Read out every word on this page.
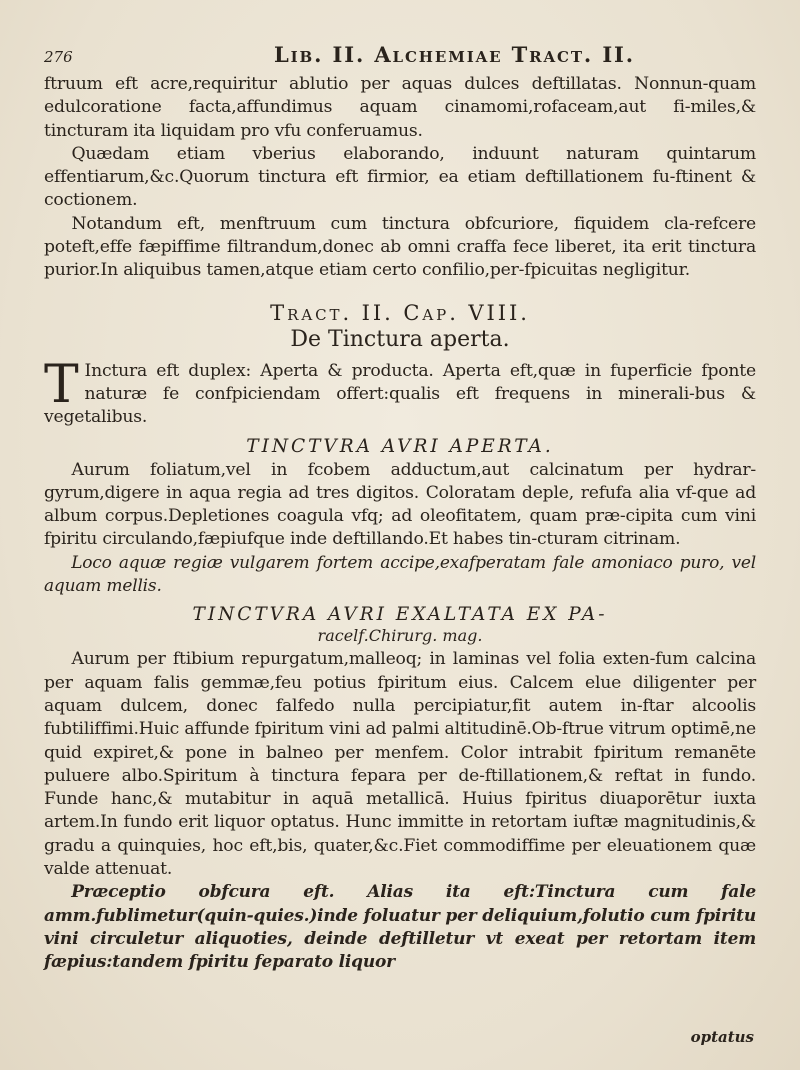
276	Lib. II. Alchemiae Tract. II.

ftruum eft acre,requiritur ablutio per aquas dulces deftillatas. Nonnun-quam edulcoratione facta,affundimus aquam cinamomi,rofaceam,aut fi-miles,& tincturam ita liquidam pro vfu conferuamus.

Quædam etiam vberius elaborando, induunt naturam quintarum effentiarum,&c.Quorum tinctura eft firmior, ea etiam deftillationem fu-ftinent & coctionem.

Notandum eft, menftruum cum tinctura obfcuriore, fiquidem cla-refcere poteft,effe fæpiffime filtrandum,donec ab omni craffa fece liberet, ita erit tinctura purior.In aliquibus tamen,atque etiam certo confilio,per-fpicuitas negligitur.

Tract. II. Cap. VIII.
De Tinctura aperta.

T Inctura eft duplex: Aperta & producta. Aperta eft,quæ in fuperficie fponte naturæ fe confpiciendam offert:qualis eft frequens in minerali-bus & vegetalibus.

TINCTVRA AVRI APERTA.

Aurum foliatum,vel in fcobem adductum,aut calcinatum per hydrar-gyrum,digere in aqua regia ad tres digitos. Coloratam deple, refufa alia vf-que ad album corpus.Depletiones coagula vfq; ad oleofitatem, quam præ-cipita cum vini fpiritu circulando,fæpiufque inde deftillando.Et habes tin-cturam citrinam.

Loco aquæ regiæ vulgarem fortem accipe,exafperatam fale amoniaco puro, vel aquam mellis.

TINCTVRA AVRI EXALTATA EX PA-
racelf.Chirurg. mag.

Aurum per ftibium repurgatum,malleoq; in laminas vel folia exten-fum calcina per aquam falis gemmæ,feu potius fpiritum eius. Calcem elue diligenter per aquam dulcem, donec falfedo nulla percipiatur,fit autem in-ftar alcoolis fubtiliffimi.Huic affunde fpiritum vini ad palmi altitudinē.Ob-ftrue vitrum optimē,ne quid expiret,& pone in balneo per menfem. Color intrabit fpiritum remanēte puluere albo.Spiritum à tinctura fepara per de-ftillationem,& reftat in fundo. Funde hanc,& mutabitur in aquā metallicā. Huius fpiritus diuaporētur iuxta artem.In fundo erit liquor optatus. Hunc immitte in retortam iuftæ magnitudinis,& gradu a quinquies, hoc eft,bis, quater,&c.Fiet commodiffime per eleuationem quæ valde attenuat.

Præceptio obfcura eft. Alias ita eft:Tinctura cum fale amm.fublimetur(quin-quies.)inde foluatur per deliquium,folutio cum fpiritu vini circuletur aliquoties, deinde deftilletur vt exeat per retortam item fæpius:tandem fpiritu feparato liquor

optatus
